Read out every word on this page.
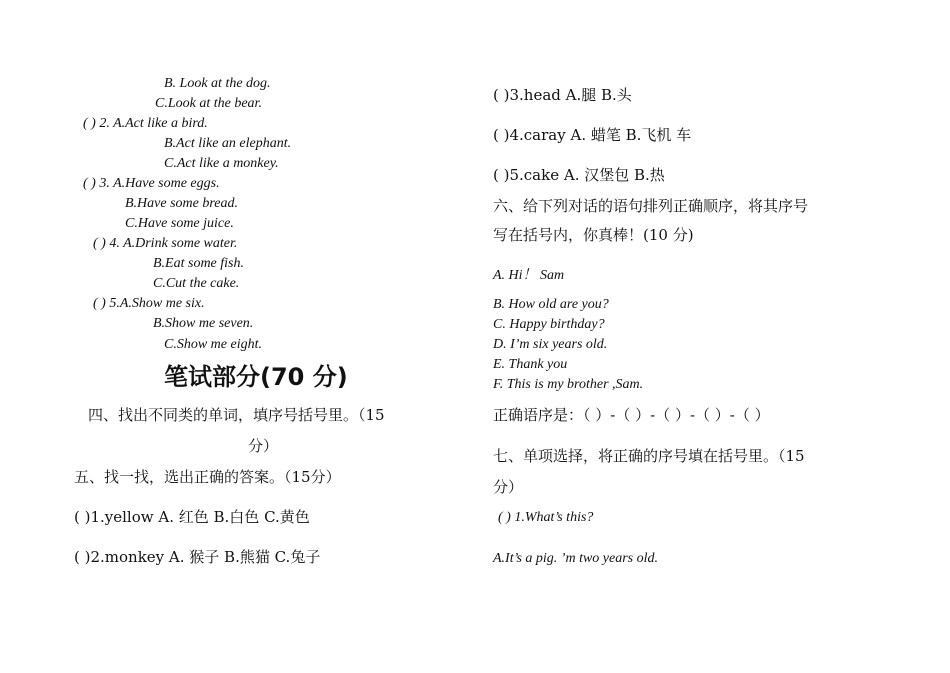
B. Look at the dog.
C.Look at the bear.
( ) 2. A.Act like a bird.
B.Act like an elephant.
C.Act like a monkey.
( ) 3. A.Have some eggs.
B.Have some bread.
C.Have some juice.
( ) 4. A.Drink some water.
B.Eat some fish.
C.Cut the cake.
( ) 5.A.Show me six.
B.Show me seven.
C.Show me eight.
笔试部分(70 分)
四、找出不同类的单词，填序号括号里。（15
分）
五、找一找，选出正确的答案。（15分）
( )1.yellow A. 红色 B.白色 C.黄色
( )2.monkey A. 猴子 B.熊猫 C.兔子
( )3.head A.腿 B.头
( )4.caray A. 蜡笔 B.飞机 车
( )5.cake A. 汉堡包 B.热
六、给下列对话的语句排列正确顺序，将其序号
写在括号内，你真棒！(10 分)
A. Hi！ Sam
B. How old are you?
C. Happy birthday?
D. I’m six years old.
E. Thank you
F. This is my brother ,Sam.
正确语序是：（ ）-（ ）-（ ）-（ ）-（ ）
七、单项选择，将正确的序号填在括号里。（15
分）
( ) 1.What’s this?
A.It’s a pig. ’m two years old.
